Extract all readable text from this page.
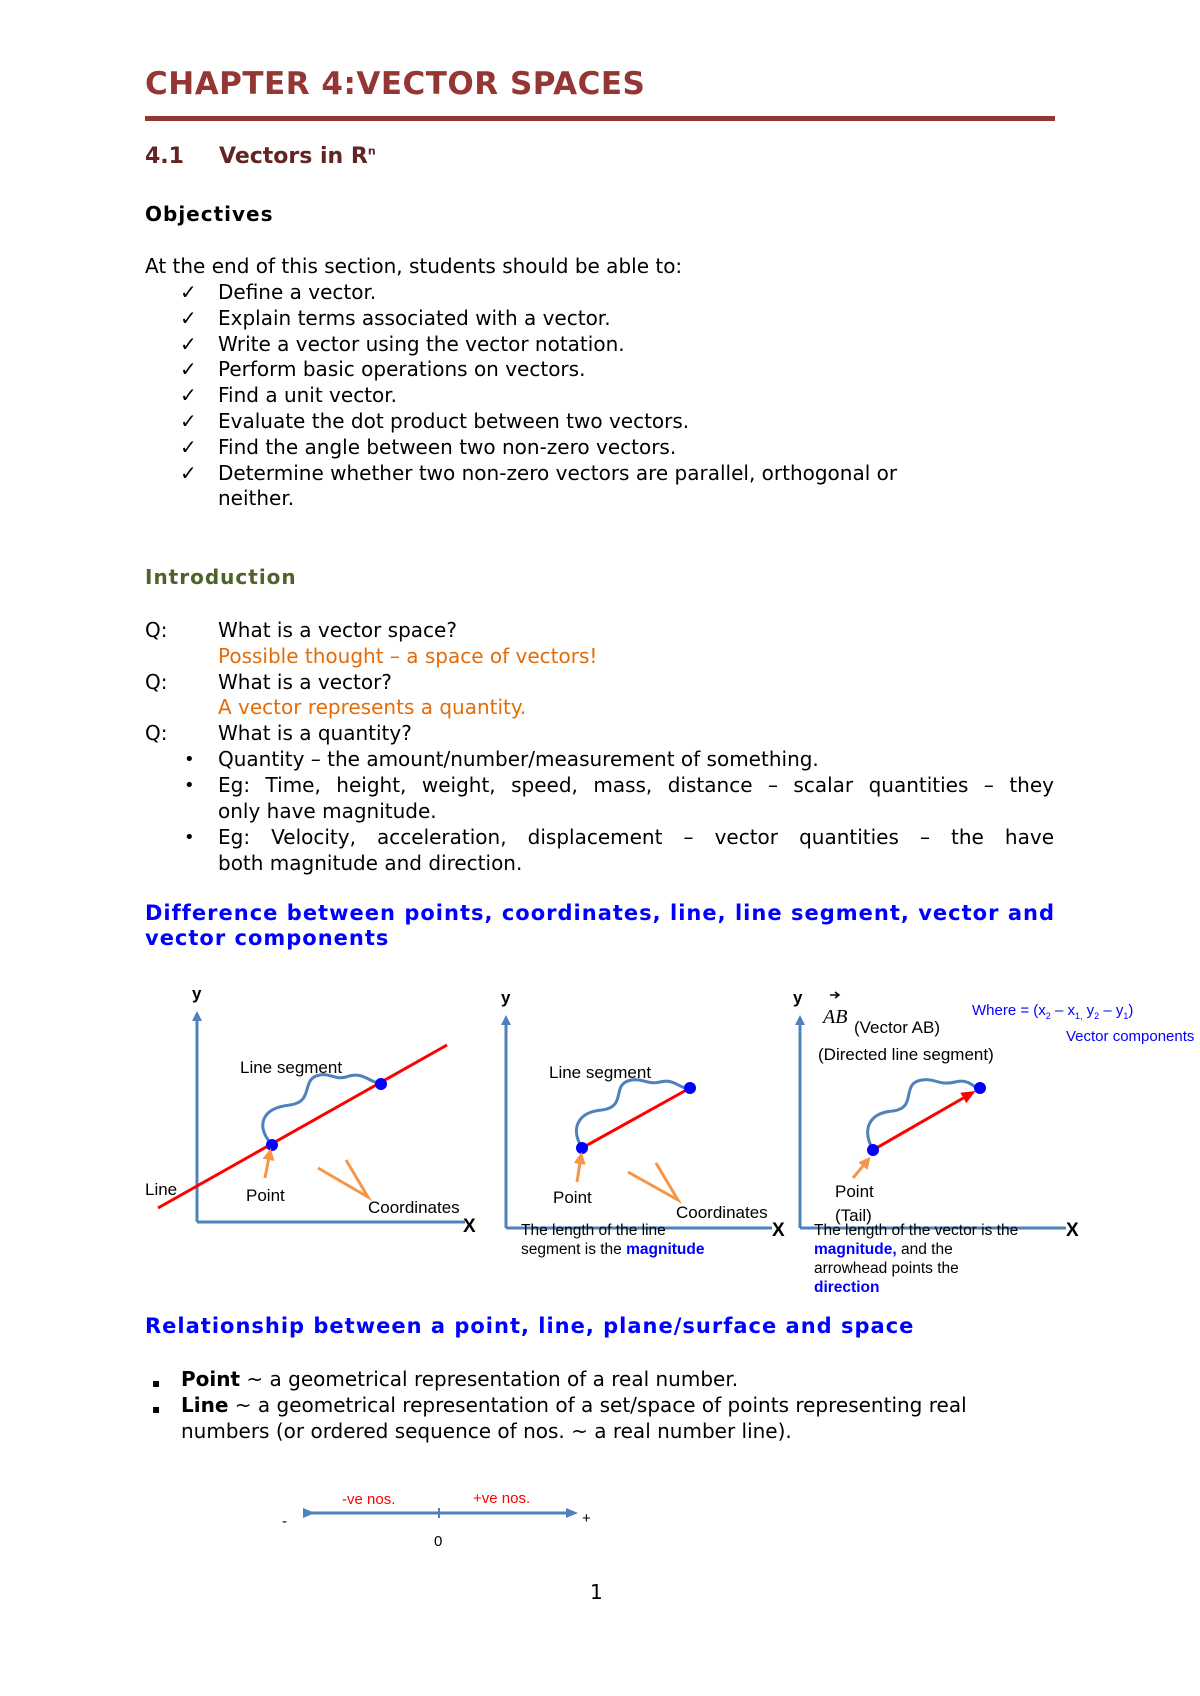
CHAPTER 4:VECTOR SPACES
4.1 Vectors in $R^n$
Objectives
At the end of this section, students should be able to:
✓ Define a vector.
✓ Explain terms associated with a vector.
✓ Write a vector using the vector notation.
✓ Perform basic operations on vectors.
✓ Find a unit vector.
✓ Evaluate the dot product between two vectors.
✓ Find the angle between two non-zero vectors.
✓ Determine whether two non-zero vectors are parallel, orthogonal or
neither.
Introduction
Q:	What is a vector space?
Possible thought – a space of vectors!
Q:	What is a vector?
A vector represents a quantity.
Q:	What is a quantity?
• Quantity – the amount/number/measurement of something.
• Eg: Time, height, weight, speed, mass, distance – scalar quantities – they
only have magnitude.
• Eg: Velocity, acceleration, displacement – vector quantities – the have
both magnitude and direction.
Difference between points, coordinates, line, line segment, vector and
vector components
y
X
Line segment
Line	Point
Coordinates
y
X
Line segment
Point
Coordinates
The length of the line
segment is the magnitude
y
X
AB (Vector AB)
(Directed line segment)
Point
(Tail)
Where = ($x_2 - x_{1,}$ $y_2 - y_1$)
Vector components
The length of the vector is the
magnitude, and the
arrowhead points the
direction
Relationship between a point, line, plane/surface and space
▪ Point ~ a geometrical representation of a real number.
▪ Line ~ a geometrical representation of a set/space of points representing real
numbers (or ordered sequence of nos. ~ a real number line).
-ve nos.	+ve nos.
-	+
0
1
